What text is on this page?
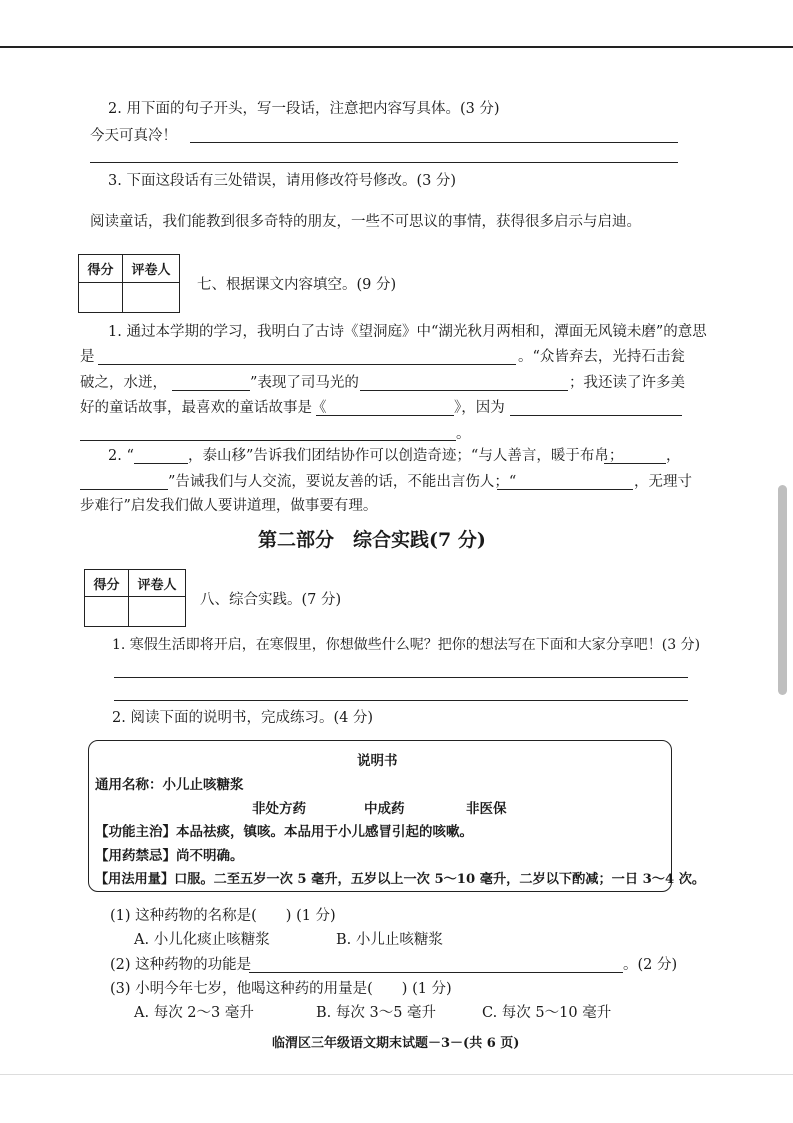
2. 用下面的句子开头，写一段话，注意把内容写具体。(3 分)
今天可真冷！
3. 下面这段话有三处错误，请用修改符号修改。(3 分)
阅读童话，我们能教到很多奇特的朋友，一些不可思议的事情，获得很多启示与启迪。
得分	评卷人

七、根据课文内容填空。(9 分)
1. 通过本学期的学习，我明白了古诗《望洞庭》中“湖光秋月两相和，潭面无风镜未磨”的意思
是	。“众皆弃去，光持石击瓮
破之，水迸，	”表现了司马光的	；我还读了许多美
好的童话故事，最喜欢的童话故事是《	》，因为
。
2. “	，泰山移”告诉我们团结协作可以创造奇迹；“与人善言，暖于布帛；	，
”告诫我们与人交流，要说友善的话，不能出言伤人；“	，无理寸
步难行”启发我们做人要讲道理，做事要有理。
第二部分　综合实践(7 分)
得分	评卷人

八、综合实践。(7 分)
1. 寒假生活即将开启，在寒假里，你想做些什么呢？把你的想法写在下面和大家分享吧！(3 分)
2. 阅读下面的说明书，完成练习。(4 分)
说明书
通用名称：小儿止咳糖浆
非处方药	中成药	非医保
【功能主治】本品祛痰，镇咳。本品用于小儿感冒引起的咳嗽。
【用药禁忌】尚不明确。
【用法用量】口服。二至五岁一次 5 毫升，五岁以上一次 5～10 毫升，二岁以下酌减；一日 3～4 次。
(1) 这种药物的名称是(　　) (1 分)
A. 小儿化痰止咳糖浆	B. 小儿止咳糖浆
(2) 这种药物的功能是	。(2 分)
(3) 小明今年七岁，他喝这种药的用量是(　　) (1 分)
A. 每次 2～3 毫升	B. 每次 3～5 毫升	C. 每次 5～10 毫升
临渭区三年级语文期末试题－3－(共 6 页)
